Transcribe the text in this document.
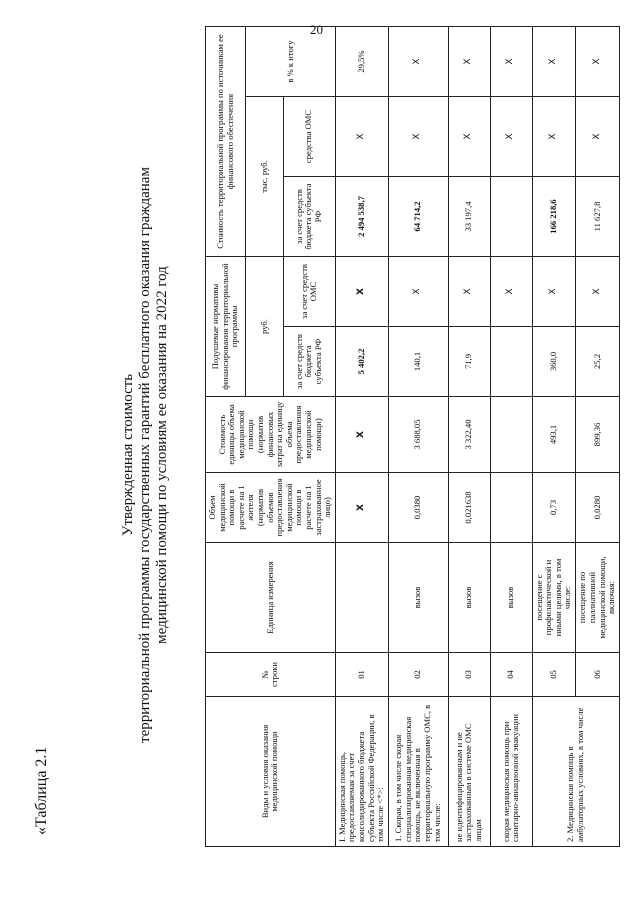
20
«Таблица 2.1
Утвержденная стоимость территориальной программы государственных гарантий бесплатного оказания гражданам медицинской помощи по условиям ее оказания на 2022 год
Виды и условия оказания медицинской помощи	№ строки	Единица измерения	Объем медицинской помощи в расчете на 1 жителя (норматив объемов предоставления медицинской помощи в расчете на 1 застрахованное лицо)	Стоимость единицы объема медицинской помощи (норматив финансовых затрат на единицу объема предоставления медицинской помощи)	Подушевые нормативы финансирования территориальной программы		Стоимость территориальной программы по источникам ее финансового обеспечения		
					руб.		тыс. руб.		в % к итогу
					за счет средств бюджета субъекта РФ	за счет средств ОМС	за счет средств бюджета субъекта РФ	средства ОМС	
I. Медицинская помощь, предоставляемая за счет консолидированного бюджета субъекта Российской Федерации, в том числе <*>:	01		X	X	5 402,2	X	2 494 538,7	X	29,5%
1. Скорая, в том числе скорая специализированная медицинская помощь, не включенная в территориальную программу ОМС, в том числе:	02	вызов	0,0380	3 688,05	140,1	X	64 714,2	X	X
не идентифицированным и не застрахованным в системе ОМС лицам	03	вызов	0,021638	3 322,40	71,9	X	33 197,4	X	X
скорая медицинская помощь при санитарно-авиационной эвакуации	04	вызов				X		X	X
2. Медицинская помощь в амбулаторных условиях, в том числе	05	посещение с профилактической и иными целями, в том числе:	0,73	493,1	360,0	X	166 218,6	X	X
	06	посещение по паллиативной медицинской помощи, включая:	0,0280	899,36	25,2	X	11 627,8	X	X
